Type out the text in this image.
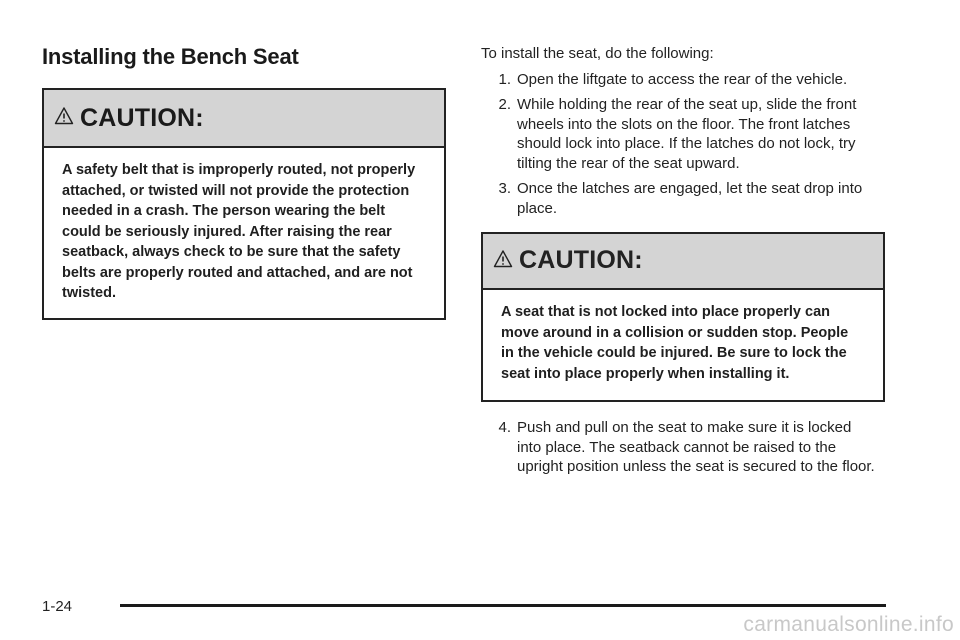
Installing the Bench Seat
CAUTION:

A safety belt that is improperly routed, not properly attached, or twisted will not provide the protection needed in a crash. The person wearing the belt could be seriously injured. After raising the rear seatback, always check to be sure that the safety belts are properly routed and attached, and are not twisted.

To install the seat, do the following:

1. Open the liftgate to access the rear of the vehicle.
2. While holding the rear of the seat up, slide the front wheels into the slots on the floor. The front latches should lock into place. If the latches do not lock, try tilting the rear of the seat upward.
3. Once the latches are engaged, let the seat drop into place.
CAUTION:

A seat that is not locked into place properly can move around in a collision or sudden stop. People in the vehicle could be injured. Be sure to lock the seat into place properly when installing it.

4. Push and pull on the seat to make sure it is locked into place. The seatback cannot be raised to the upright position unless the seat is secured to the floor.
1-24
carmanualsonline.info
